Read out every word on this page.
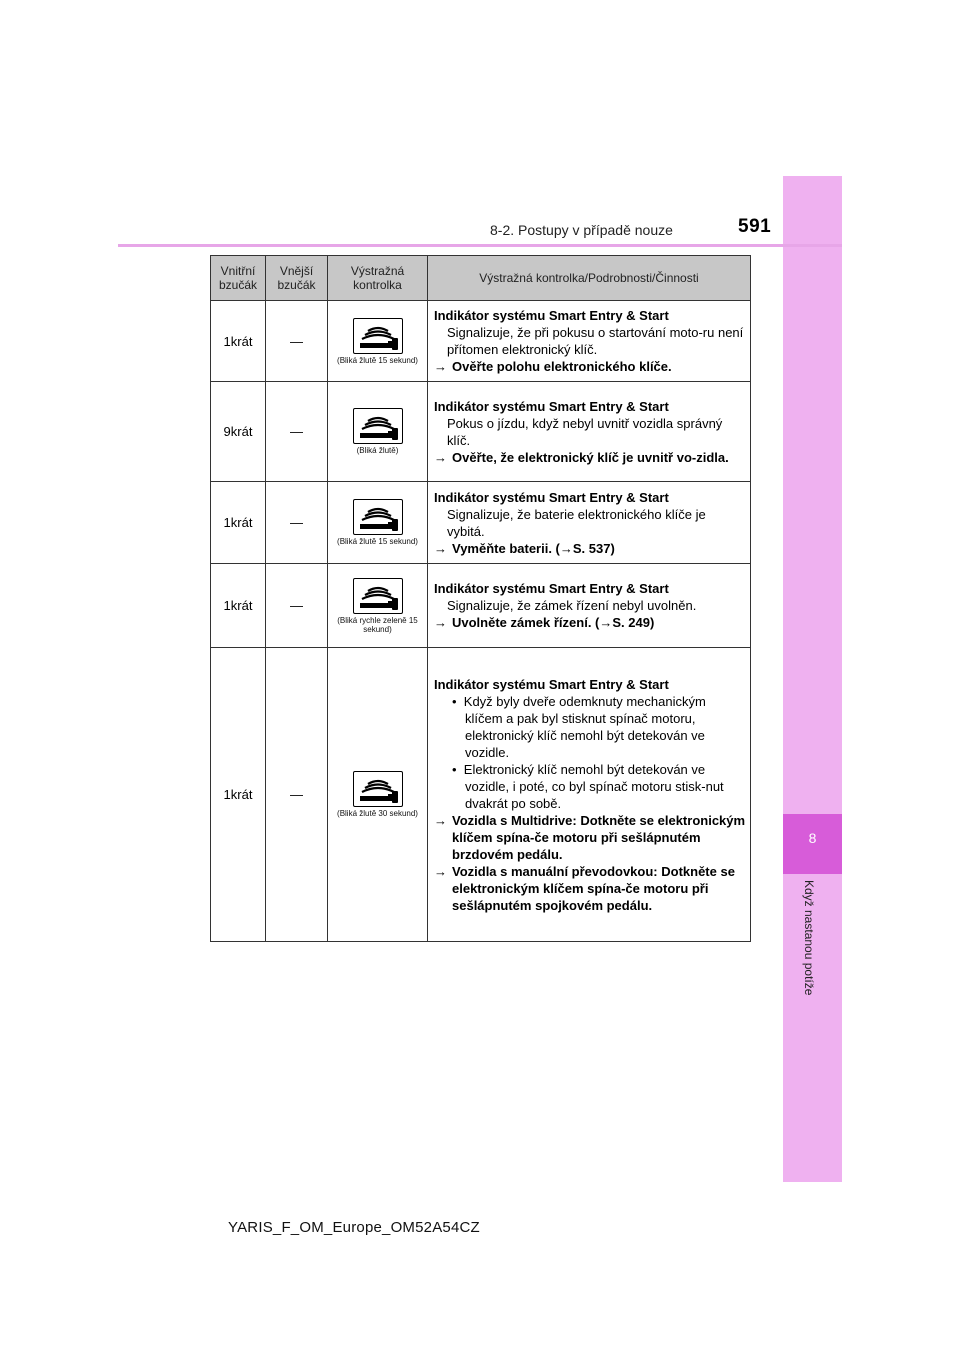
8
Když nastanou potíže
8-2. Postupy v případě nouze	591
Vnitřní bzučák	Vnější bzučák	Výstražná kontrolka	Výstražná kontrolka/Podrobnosti/Činnosti
1krát	—	(Bliká žlutě 15 sekund)	Indikátor systému Smart Entry & Start
Signalizuje, že při pokusu o startování moto-ru není přítomen elektronický klíč.
→ Ověřte polohu elektronického klíče.

9krát	—	(Bliká žlutě)	Indikátor systému Smart Entry & Start
Pokus o jízdu, když nebyl uvnitř vozidla správný klíč.
→ Ověřte, že elektronický klíč je uvnitř vo-zidla.

1krát	—	(Bliká žlutě 15 sekund)	Indikátor systému Smart Entry & Start
Signalizuje, že baterie elektronického klíče je vybitá.
→ Vyměňte baterii. (→S. 537)

1krát	—	(Bliká rychle zeleně 15 sekund)	Indikátor systému Smart Entry & Start
Signalizuje, že zámek řízení nebyl uvolněn.
→ Uvolněte zámek řízení. (→S. 249)

1krát	—	(Bliká žlutě 30 sekund)	Indikátor systému Smart Entry & Start
•  Když byly dveře odemknuty mechanickým klíčem a pak byl stisknut spínač motoru, elektronický klíč nemohl být detekován ve vozidle.
•  Elektronický klíč nemohl být detekován ve vozidle, i poté, co byl spínač motoru stisk-nut dvakrát po sobě.
→ Vozidla s Multidrive: Dotkněte se elektronickým klíčem spína-če motoru při sešlápnutém brzdovém pedálu.
→ Vozidla s manuální převodovkou: Dotkněte se elektronickým klíčem spína-če motoru při sešlápnutém spojkovém pedálu.
YARIS_F_OM_Europe_OM52A54CZ
